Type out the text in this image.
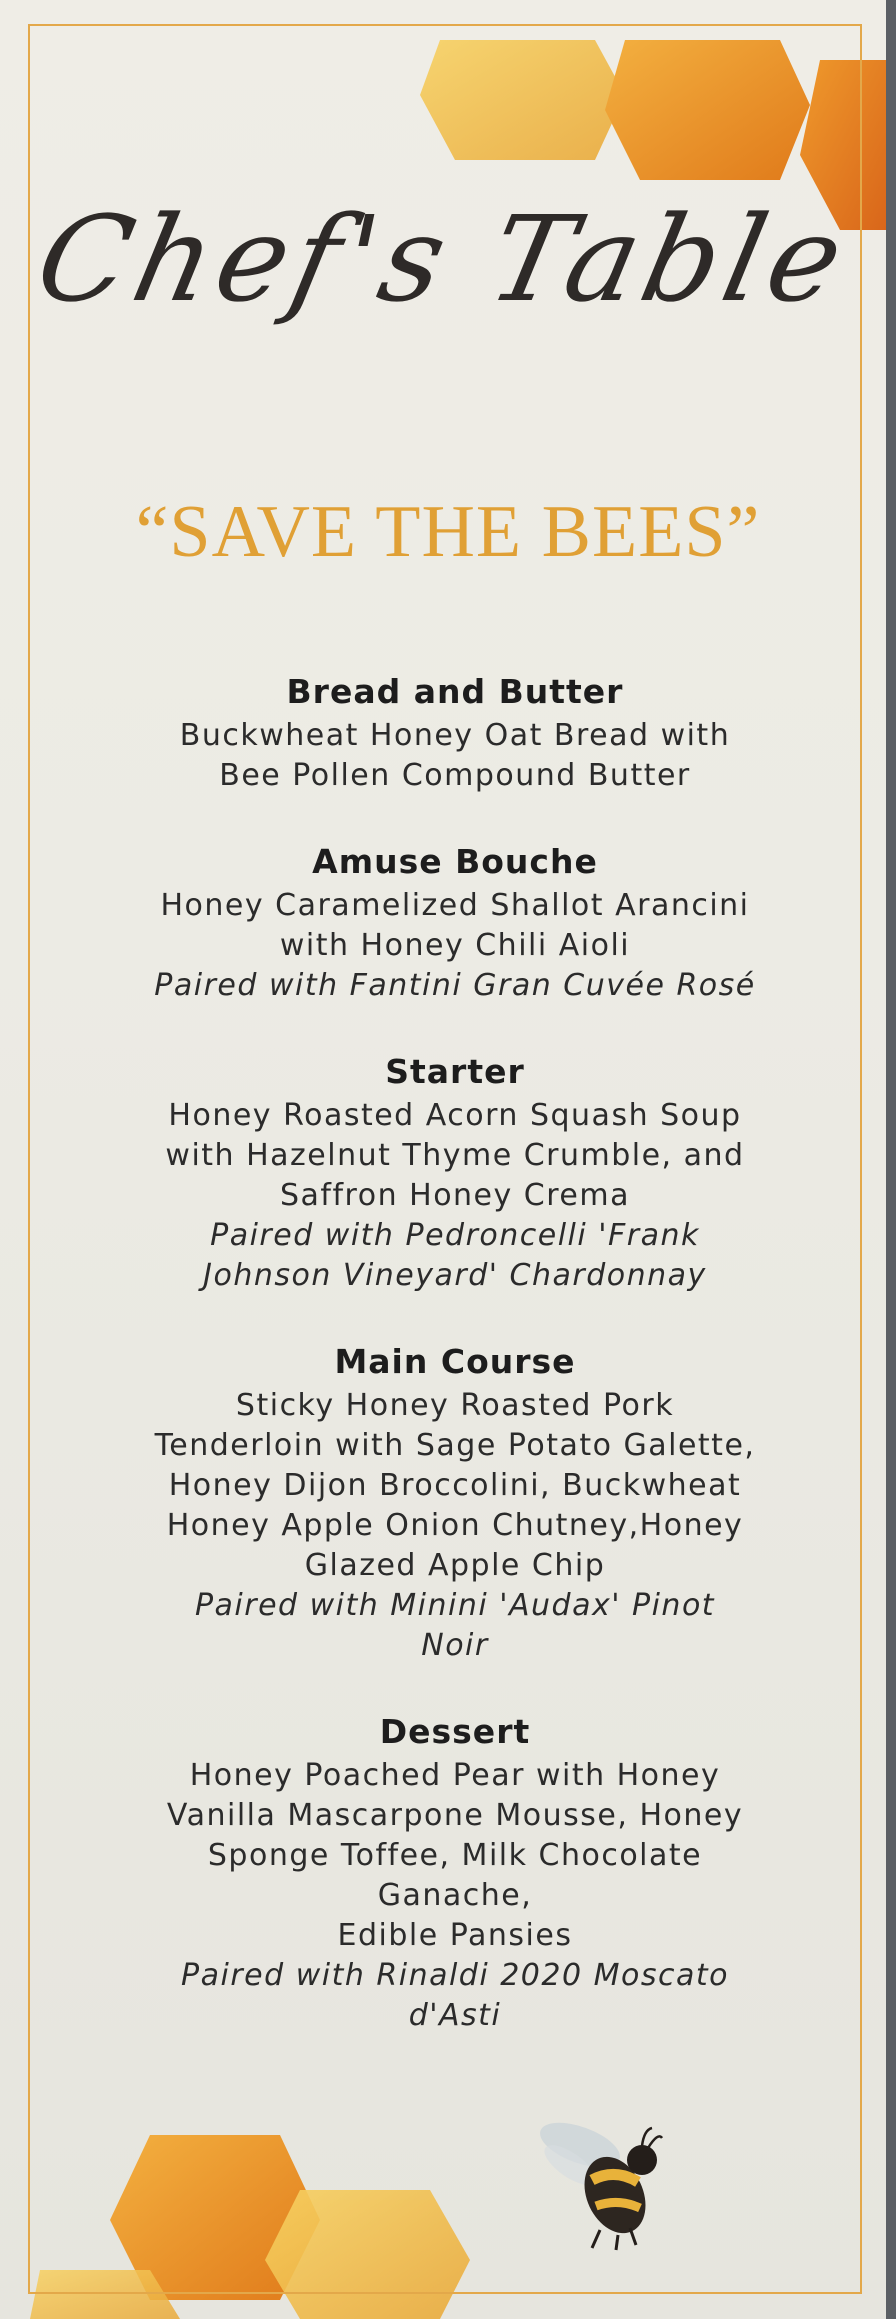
Chef's Table
“SAVE THE BEES”
Bread and Butter
Buckwheat Honey Oat Bread with
Bee Pollen Compound Butter
Amuse Bouche
Honey Caramelized Shallot Arancini
with Honey Chili Aioli
Paired with Fantini Gran Cuvée Rosé
Starter
Honey Roasted Acorn Squash Soup
with Hazelnut Thyme Crumble, and
Saffron Honey Crema
Paired with Pedroncelli 'Frank
Johnson Vineyard' Chardonnay
Main Course
Sticky Honey Roasted Pork
Tenderloin with Sage Potato Galette,
Honey Dijon Broccolini, Buckwheat
Honey Apple Onion Chutney,Honey
Glazed Apple Chip
Paired with Minini 'Audax' Pinot
Noir
Dessert
Honey Poached Pear with Honey
Vanilla Mascarpone Mousse, Honey
Sponge Toffee, Milk Chocolate
Ganache,
Edible Pansies
Paired with Rinaldi 2020 Moscato
d'Asti
